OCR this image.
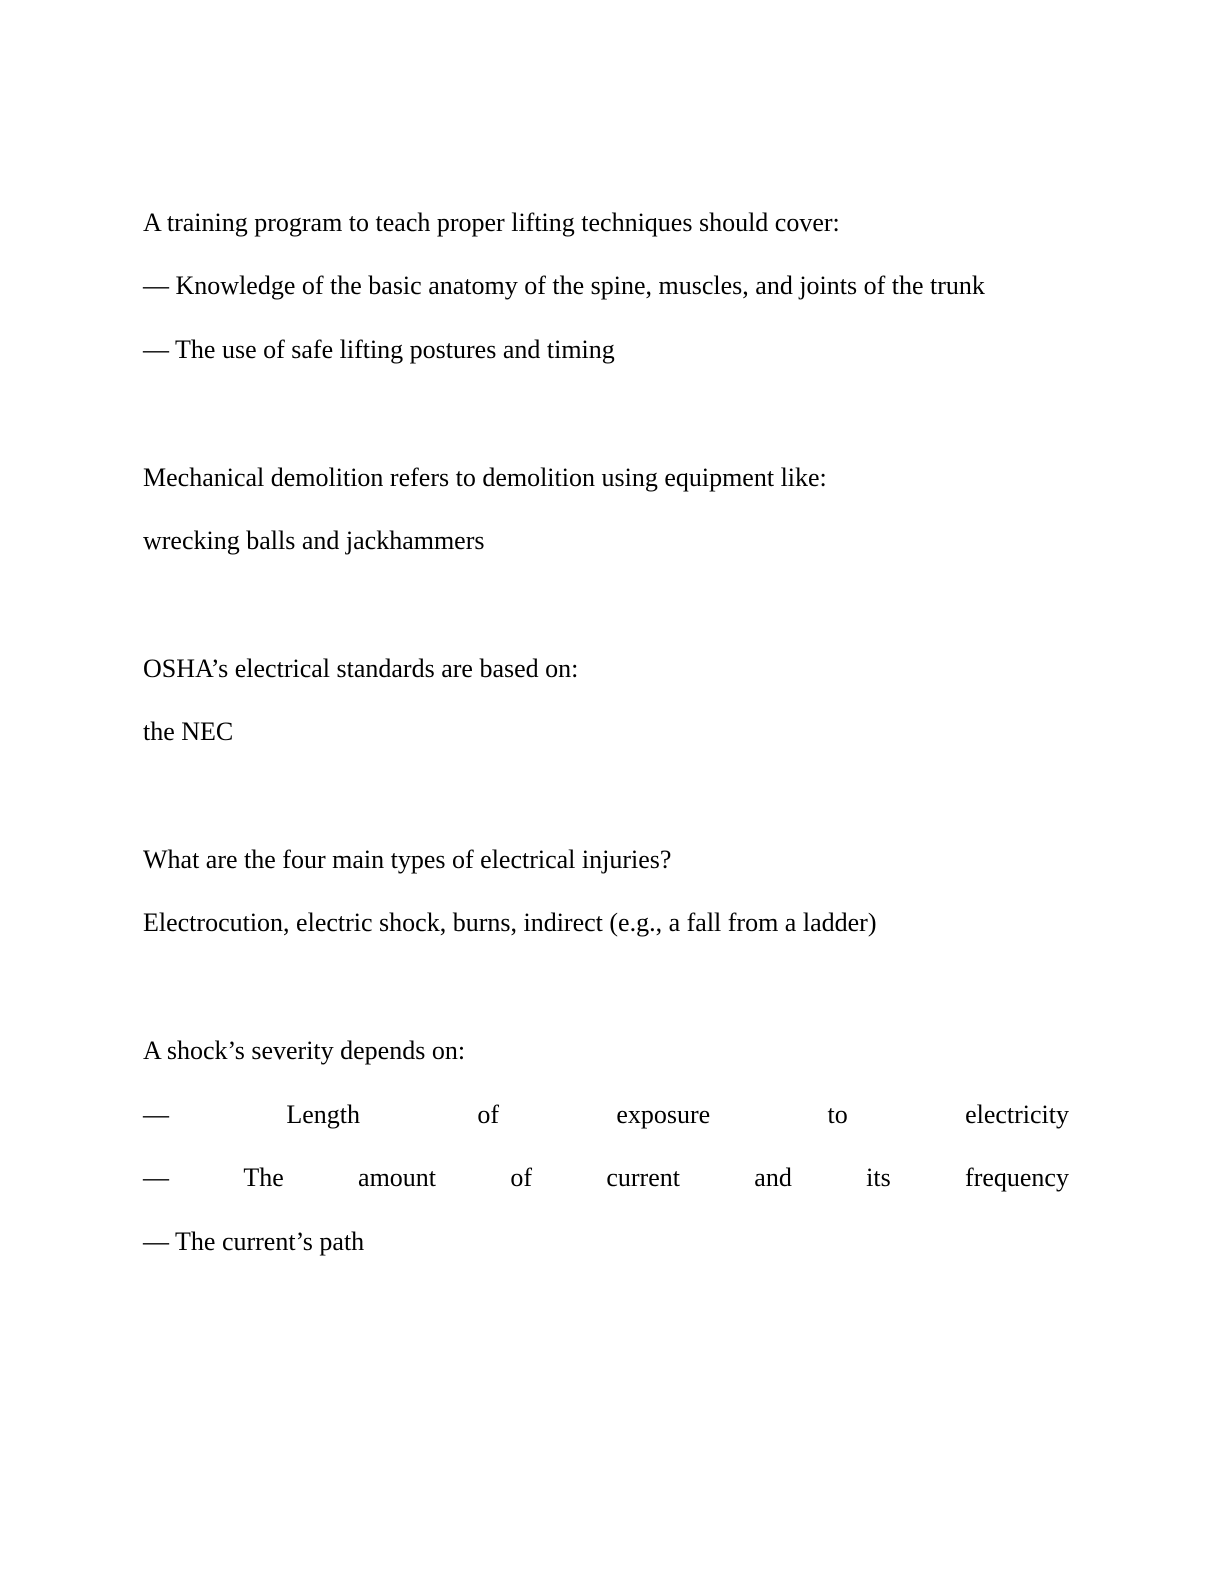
A training program to teach proper lifting techniques should cover:
— Knowledge of the basic anatomy of the spine, muscles, and joints of the trunk
— The use of safe lifting postures and timing
Mechanical demolition refers to demolition using equipment like:
wrecking balls and jackhammers
OSHA’s electrical standards are based on:
the NEC
What are the four main types of electrical injuries?
Electrocution, electric shock, burns, indirect (e.g., a fall from a ladder)
A shock’s severity depends on:
—	Length	of	exposure	to	electricity
—	The	amount	of	current	and	its	frequency
— The current’s path
